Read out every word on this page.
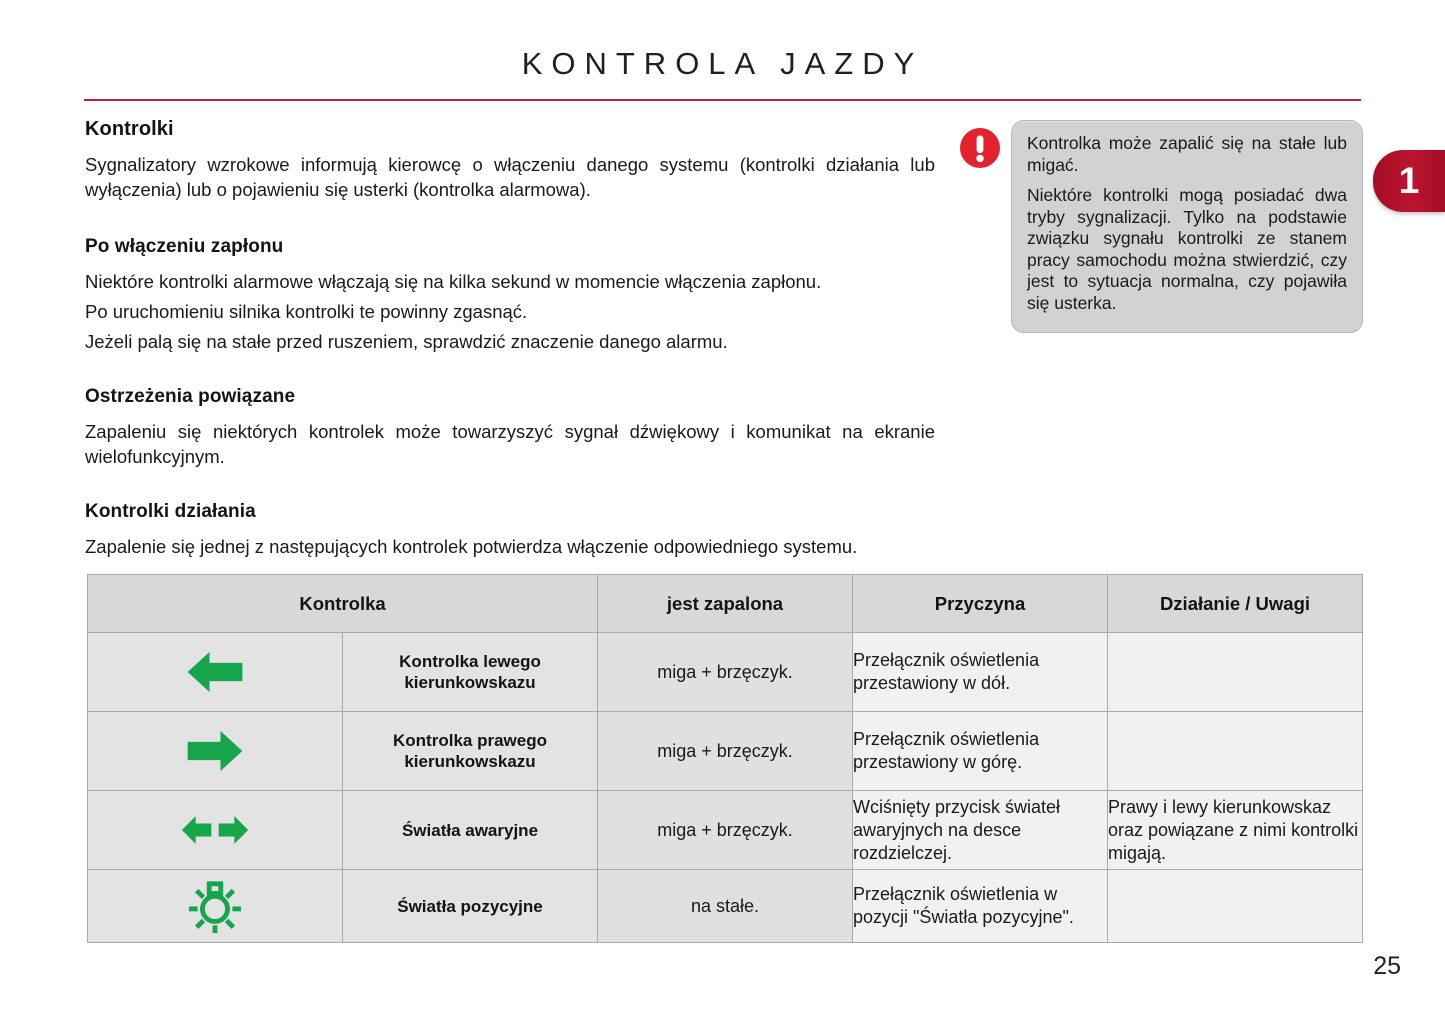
KONTROLA JAZDY
1
Kontrolki

Sygnalizatory wzrokowe informują kierowcę o włączeniu danego systemu (kontrolki działania lub wyłączenia) lub o pojawieniu się usterki (kontrolka alarmowa).

Po włączeniu zapłonu

Niektóre kontrolki alarmowe włączają się na kilka sekund w momencie włączenia zapłonu.

Po uruchomieniu silnika kontrolki te powinny zgasnąć.

Jeżeli palą się na stałe przed ruszeniem, sprawdzić znaczenie danego alarmu.

Ostrzeżenia powiązane

Zapaleniu się niektórych kontrolek może towarzyszyć sygnał dźwiękowy i komunikat na ekranie wielofunkcyjnym.

Kontrolki działania

Zapalenie się jednej z następujących kontrolek potwierdza włączenie odpowiedniego systemu.

Kontrolka może zapalić się na stałe lub migać.

Niektóre kontrolki mogą posiadać dwa tryby sygnalizacji. Tylko na podstawie związku sygnału kontrolki ze stanem pracy samochodu można stwierdzić, czy jest to sytuacja normalna, czy pojawiła się usterka.

Kontrolka		jest zapalona	Przyczyna	Działanie / Uwagi

	Kontrolka lewego kierunkowskazu	miga + brzęczyk.	Przełącznik oświetlenia przestawiony w dół.	

	Kontrolka prawego kierunkowskazu	miga + brzęczyk.	Przełącznik oświetlenia przestawiony w górę.	

	Światła awaryjne	miga + brzęczyk.	Wciśnięty przycisk świateł awaryjnych na desce rozdzielczej.	Prawy i lewy kierunkowskaz oraz powiązane z nimi kontrolki migają.

	Światła pozycyjne	na stałe.	Przełącznik oświetlenia w pozycji "Światła pozycyjne".	
25
